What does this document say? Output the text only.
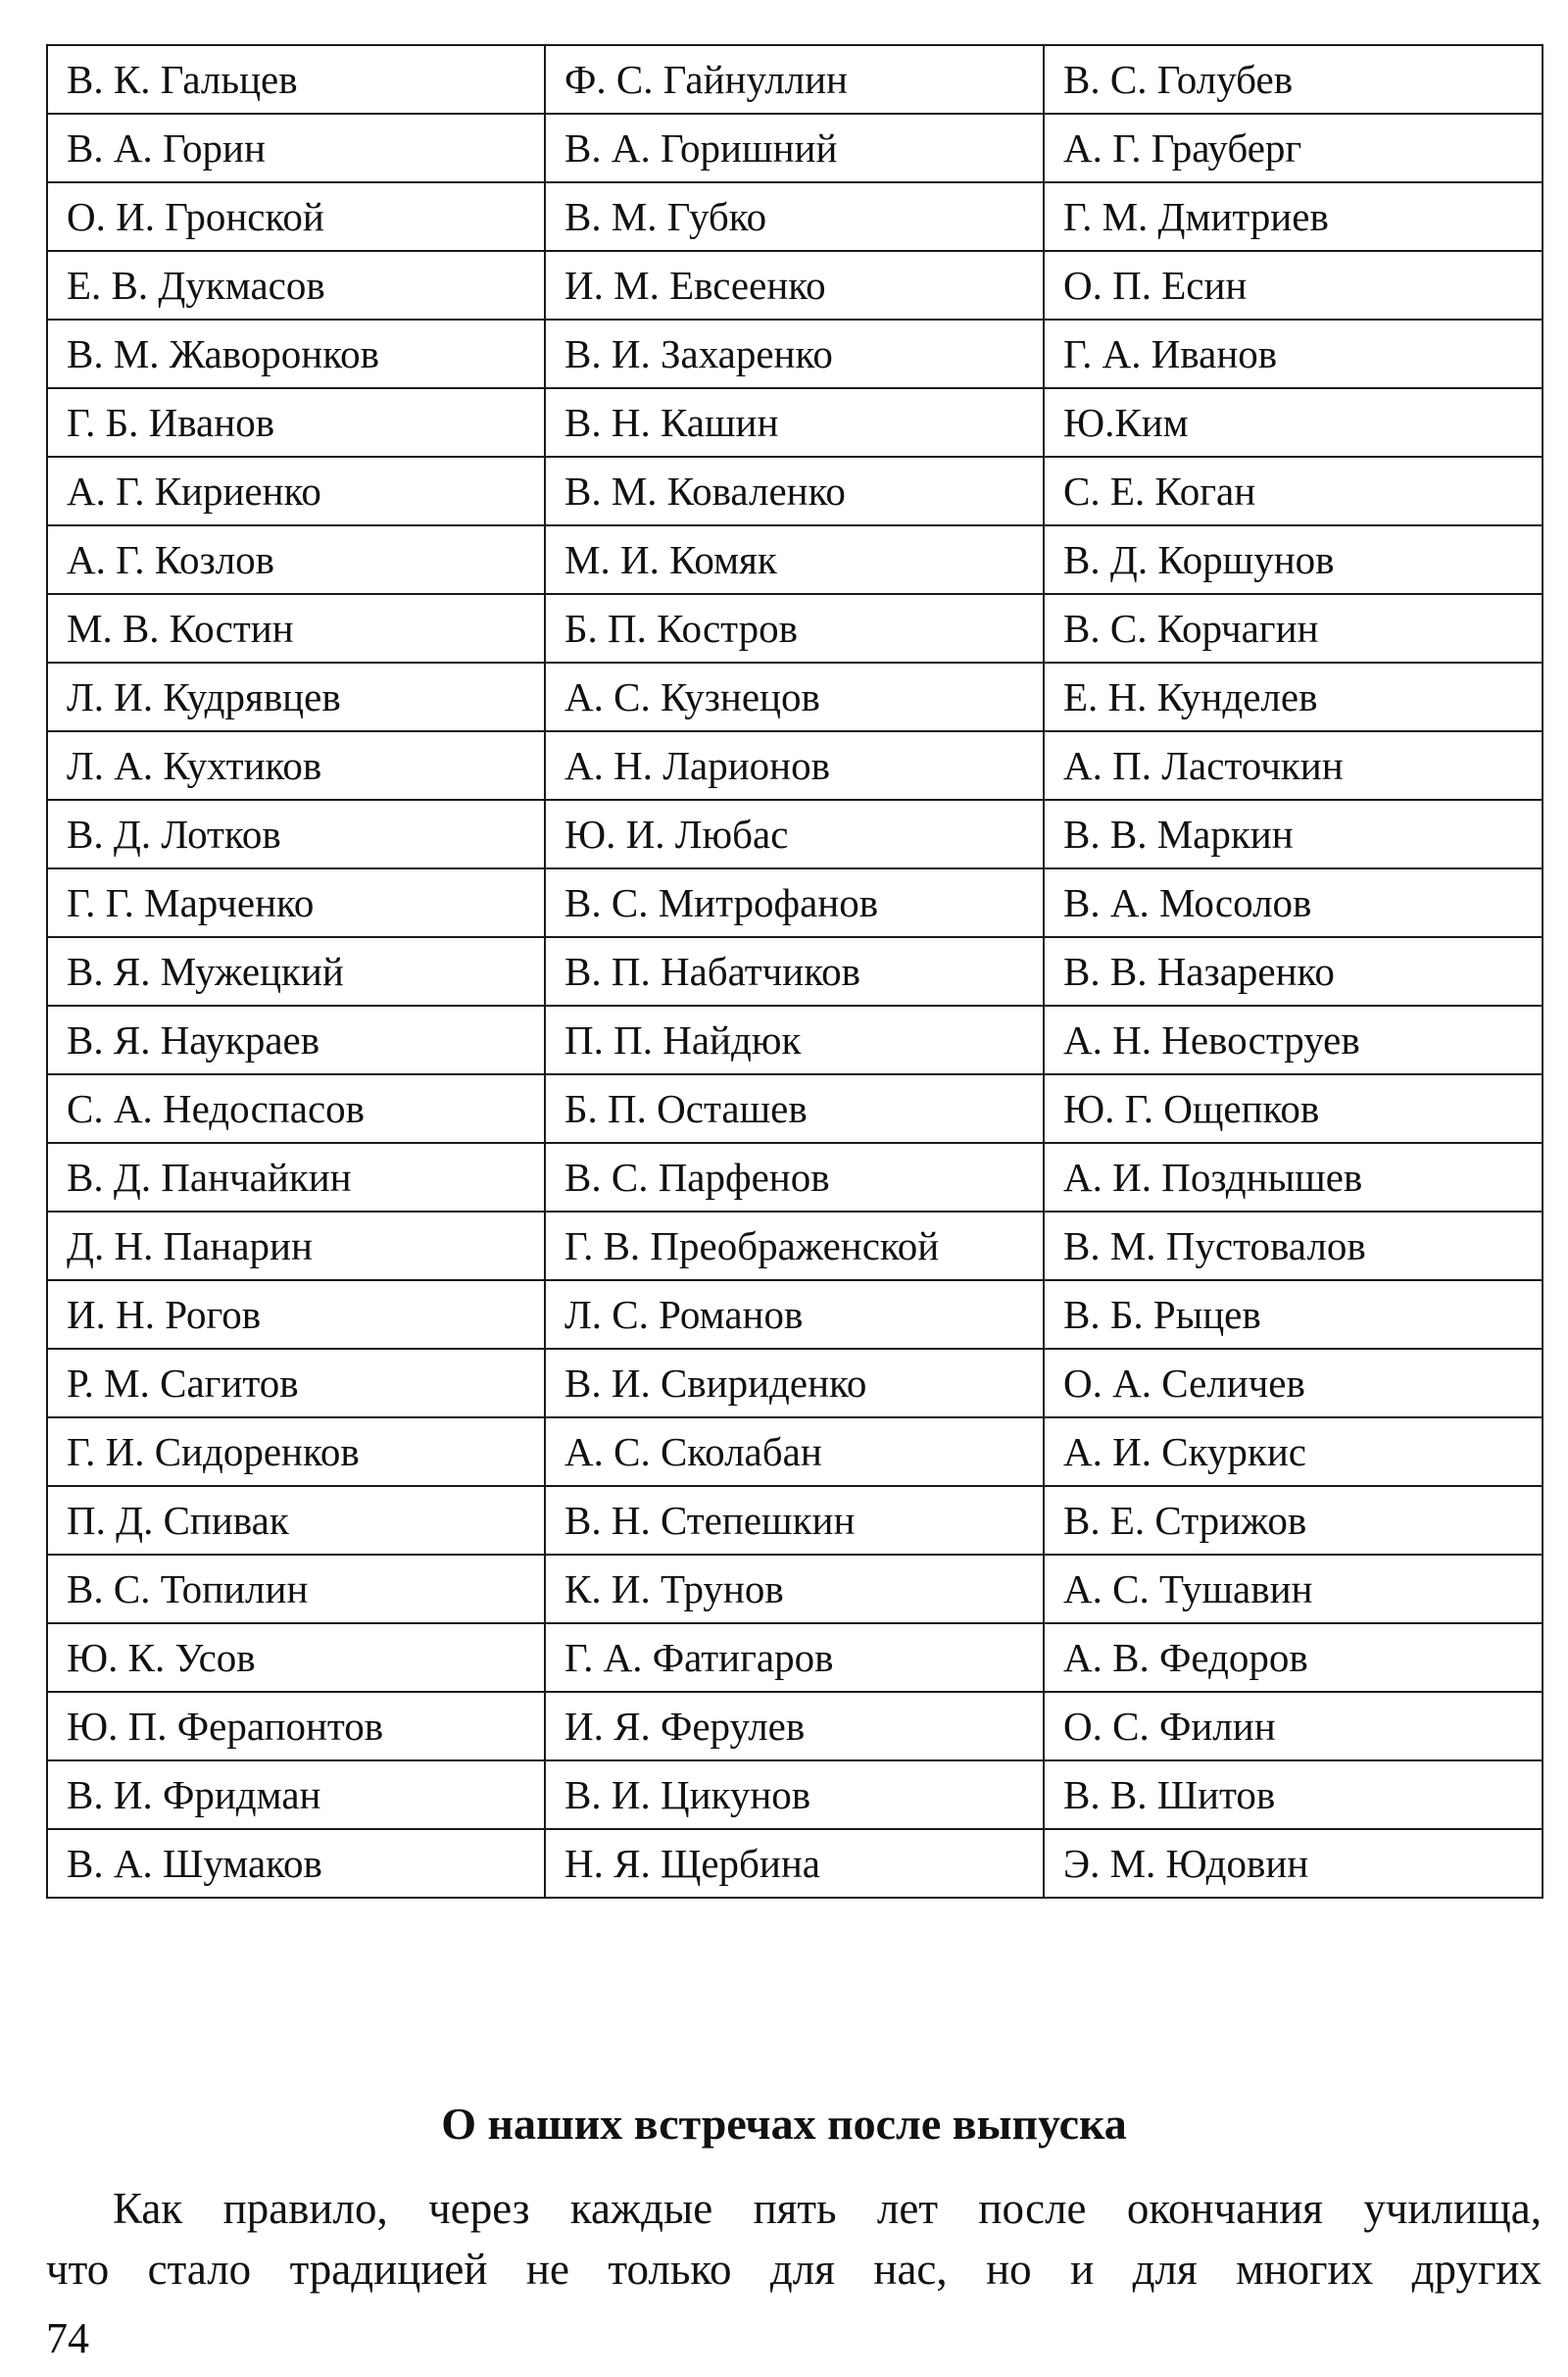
В. К. Гальцев	Ф. С. Гайнуллин	В. С. Голубев
В. А. Горин	В. А. Горишний	А. Г. Грауберг
О. И. Гронской	В. М. Губко	Г. М. Дмитриев
Е. В. Дукмасов	И. М. Евсеенко	О. П. Есин
В. М. Жаворонков	В. И. Захаренко	Г. А. Иванов
Г. Б. Иванов	В. Н. Кашин	Ю.Ким
А. Г. Кириенко	В. М. Коваленко	С. Е. Коган
А. Г. Козлов	М. И. Комяк	В. Д. Коршунов
М. В. Костин	Б. П. Костров	В. С. Корчагин
Л. И. Кудрявцев	А. С. Кузнецов	Е. Н. Кунделев
Л. А. Кухтиков	А. Н. Ларионов	А. П. Ласточкин
В. Д. Лотков	Ю. И. Любас	В. В. Маркин
Г. Г. Марченко	В. С. Митрофанов	В. А. Мосолов
В. Я. Мужецкий	В. П. Набатчиков	В. В. Назаренко
В. Я. Наукраев	П. П. Найдюк	А. Н. Невоструев
С. А. Недоспасов	Б. П. Осташев	Ю. Г. Ощепков
В. Д. Панчайкин	В. С. Парфенов	А. И. Позднышев
Д. Н. Панарин	Г. В. Преображенской	В. М. Пустовалов
И. Н. Рогов	Л. С. Романов	В. Б. Рыцев
Р. М. Сагитов	В. И. Свириденко	О. А. Селичев
Г. И. Сидоренков	А. С. Сколабан	А. И. Скуркис
П. Д. Спивак	В. Н. Степешкин	В. Е. Стрижов
В. С. Топилин	К. И. Трунов	А. С. Тушавин
Ю. К. Усов	Г. А. Фатигаров	А. В. Федоров
Ю. П. Ферапонтов	И. Я. Ферулев	О. С. Филин
В. И. Фридман	В. И. Цикунов	В. В. Шитов
В. А. Шумаков	Н. Я. Щербина	Э. М. Юдовин
О наших встречах после выпуска

Как правило, через каждые пять лет после окончания училища,
что стало традицией не только для нас, но и для многих других

74
